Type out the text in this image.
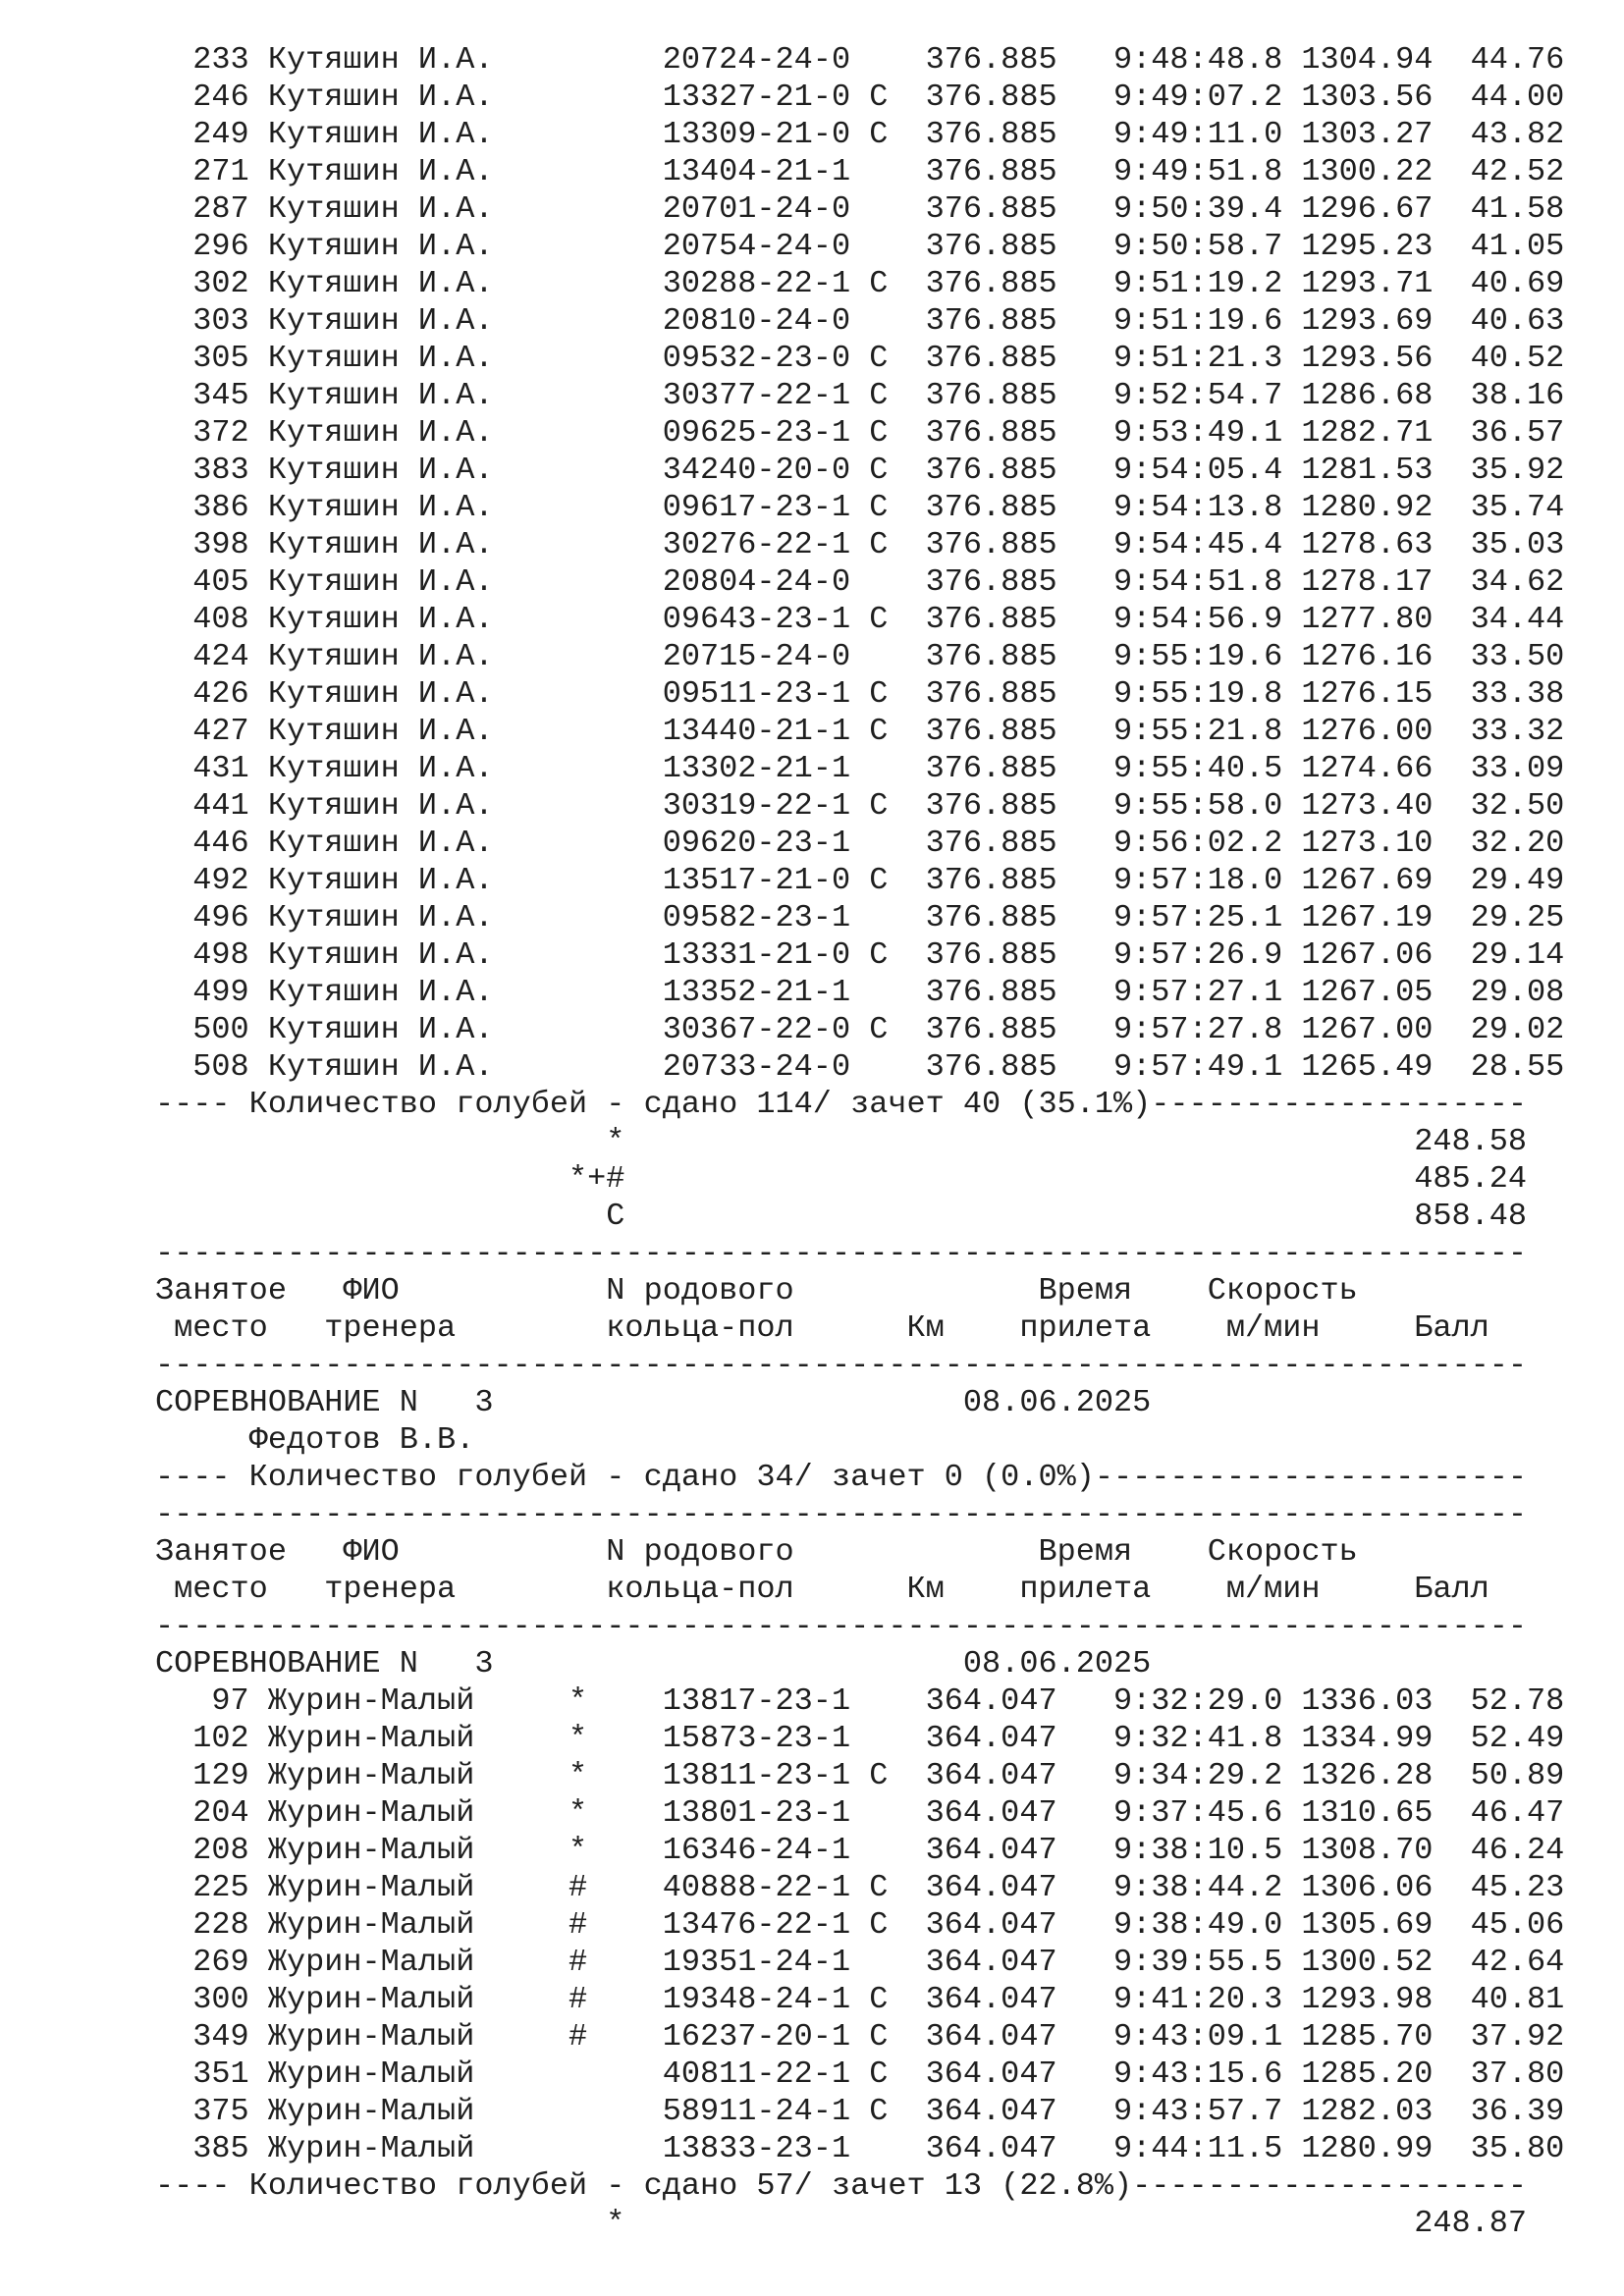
233 Кутяшин И.А.         20724-24-0    376.885   9:48:48.8 1304.94  44.76
246 Кутяшин И.А.         13327-21-0 С  376.885   9:49:07.2 1303.56  44.00
249 Кутяшин И.А.         13309-21-0 С  376.885   9:49:11.0 1303.27  43.82
271 Кутяшин И.А.         13404-21-1    376.885   9:49:51.8 1300.22  42.52
287 Кутяшин И.А.         20701-24-0    376.885   9:50:39.4 1296.67  41.58
296 Кутяшин И.А.         20754-24-0    376.885   9:50:58.7 1295.23  41.05
302 Кутяшин И.А.         30288-22-1 С  376.885   9:51:19.2 1293.71  40.69
303 Кутяшин И.А.         20810-24-0    376.885   9:51:19.6 1293.69  40.63
305 Кутяшин И.А.         09532-23-0 С  376.885   9:51:21.3 1293.56  40.52
345 Кутяшин И.А.         30377-22-1 С  376.885   9:52:54.7 1286.68  38.16
372 Кутяшин И.А.         09625-23-1 С  376.885   9:53:49.1 1282.71  36.57
383 Кутяшин И.А.         34240-20-0 С  376.885   9:54:05.4 1281.53  35.92
386 Кутяшин И.А.         09617-23-1 С  376.885   9:54:13.8 1280.92  35.74
398 Кутяшин И.А.         30276-22-1 С  376.885   9:54:45.4 1278.63  35.03
405 Кутяшин И.А.         20804-24-0    376.885   9:54:51.8 1278.17  34.62
408 Кутяшин И.А.         09643-23-1 С  376.885   9:54:56.9 1277.80  34.44
424 Кутяшин И.А.         20715-24-0    376.885   9:55:19.6 1276.16  33.50
426 Кутяшин И.А.         09511-23-1 С  376.885   9:55:19.8 1276.15  33.38
427 Кутяшин И.А.         13440-21-1 С  376.885   9:55:21.8 1276.00  33.32
431 Кутяшин И.А.         13302-21-1    376.885   9:55:40.5 1274.66  33.09
441 Кутяшин И.А.         30319-22-1 С  376.885   9:55:58.0 1273.40  32.50
446 Кутяшин И.А.         09620-23-1    376.885   9:56:02.2 1273.10  32.20
492 Кутяшин И.А.         13517-21-0 С  376.885   9:57:18.0 1267.69  29.49
496 Кутяшин И.А.         09582-23-1    376.885   9:57:25.1 1267.19  29.25
498 Кутяшин И.А.         13331-21-0 С  376.885   9:57:26.9 1267.06  29.14
499 Кутяшин И.А.         13352-21-1    376.885   9:57:27.1 1267.05  29.08
500 Кутяшин И.А.         30367-22-0 С  376.885   9:57:27.8 1267.00  29.02
508 Кутяшин И.А.         20733-24-0    376.885   9:57:49.1 1265.49  28.55
---- Количество голубей - сдано 114/ зачет 40 (35.1%)--------------------
*                                          248.58
*+#                                          485.24
С                                          858.48
-------------------------------------------------------------------------
Занятое   ФИО           N родового             Время    Скорость
место   тренера        кольца-пол      Км    прилета    м/мин     Балл
-------------------------------------------------------------------------
СОРЕВНОВАНИЕ N   3                         08.06.2025
Федотов В.В.
---- Количество голубей - сдано 34/ зачет 0 (0.0%)-----------------------
-------------------------------------------------------------------------
Занятое   ФИО           N родового             Время    Скорость
место   тренера        кольца-пол      Км    прилета    м/мин     Балл
-------------------------------------------------------------------------
СОРЕВНОВАНИЕ N   3                         08.06.2025
97 Журин-Малый     *    13817-23-1    364.047   9:32:29.0 1336.03  52.78
102 Журин-Малый     *    15873-23-1    364.047   9:32:41.8 1334.99  52.49
129 Журин-Малый     *    13811-23-1 С  364.047   9:34:29.2 1326.28  50.89
204 Журин-Малый     *    13801-23-1    364.047   9:37:45.6 1310.65  46.47
208 Журин-Малый     *    16346-24-1    364.047   9:38:10.5 1308.70  46.24
225 Журин-Малый     #    40888-22-1 С  364.047   9:38:44.2 1306.06  45.23
228 Журин-Малый     #    13476-22-1 С  364.047   9:38:49.0 1305.69  45.06
269 Журин-Малый     #    19351-24-1    364.047   9:39:55.5 1300.52  42.64
300 Журин-Малый     #    19348-24-1 С  364.047   9:41:20.3 1293.98  40.81
349 Журин-Малый     #    16237-20-1 С  364.047   9:43:09.1 1285.70  37.92
351 Журин-Малый          40811-22-1 С  364.047   9:43:15.6 1285.20  37.80
375 Журин-Малый          58911-24-1 С  364.047   9:43:57.7 1282.03  36.39
385 Журин-Малый          13833-23-1    364.047   9:44:11.5 1280.99  35.80
---- Количество голубей - сдано 57/ зачет 13 (22.8%)---------------------
*                                          248.87
